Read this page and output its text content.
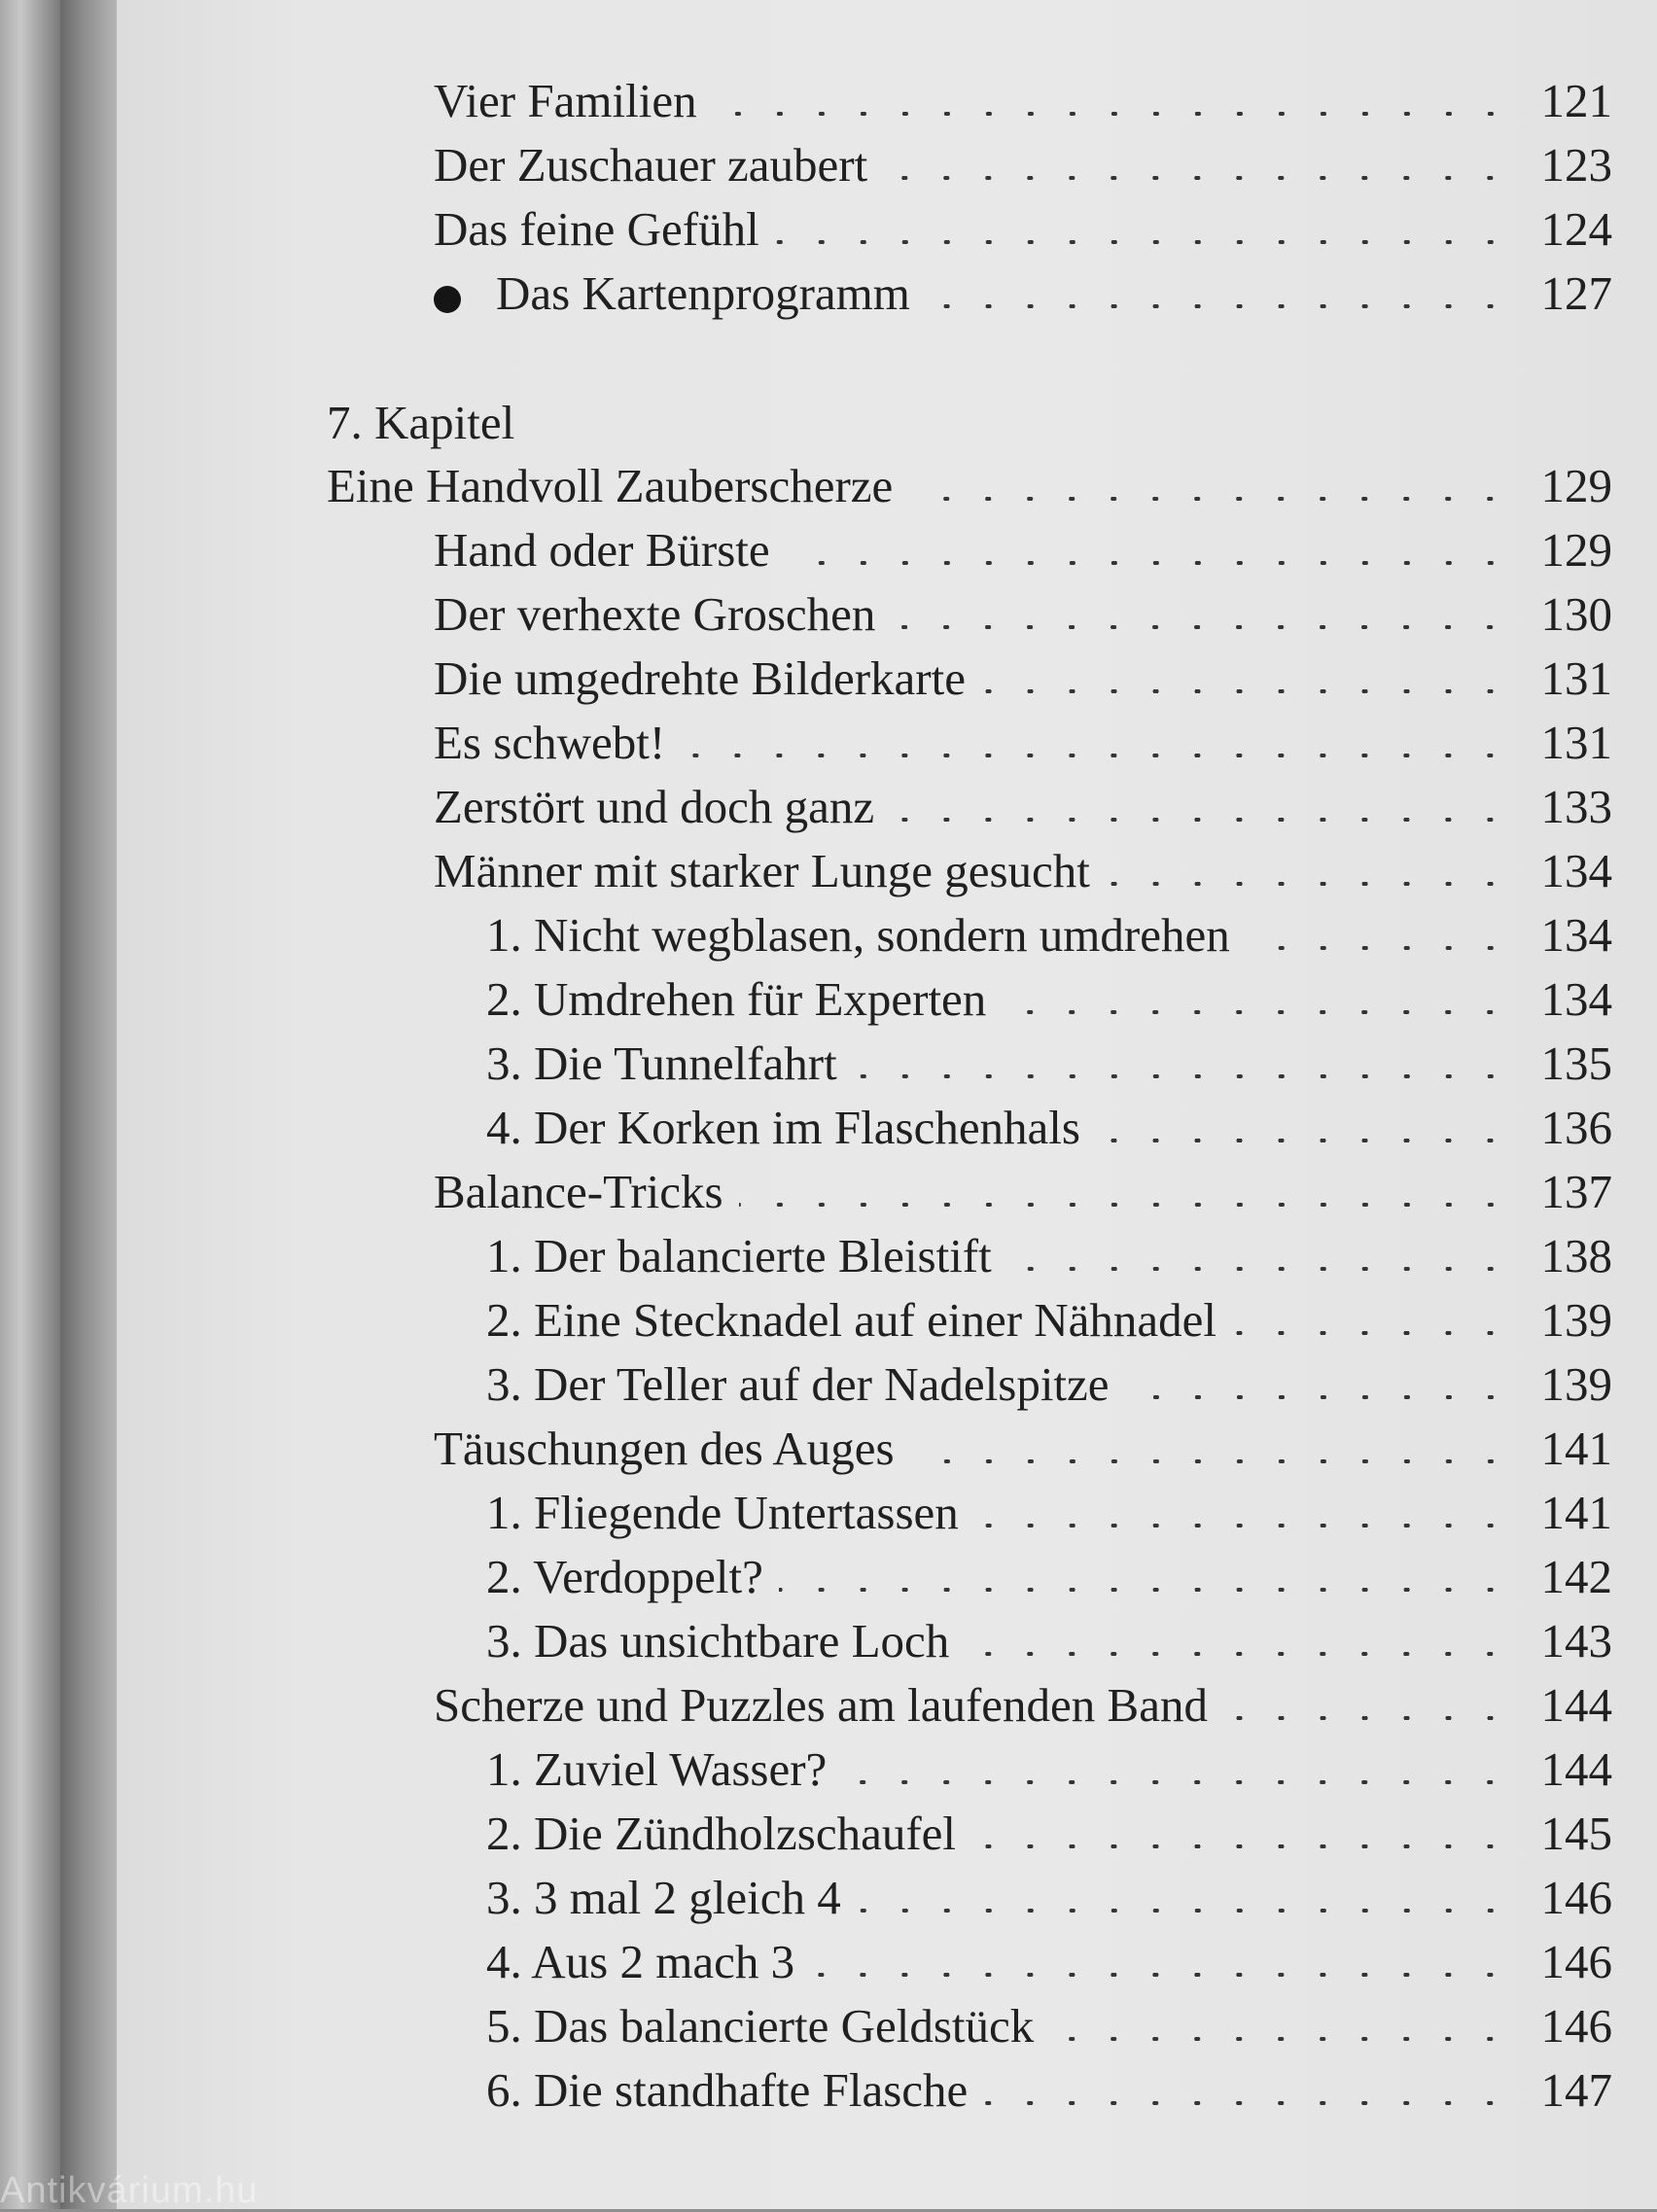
Vier Familien	121
Der Zuschauer zaubert	123
Das feine Gefühl	124
Das Kartenprogramm	127
7. Kapitel
Eine Handvoll Zauberscherze	129
Hand oder Bürste	129
Der verhexte Groschen	130
Die umgedrehte Bilderkarte	131
Es schwebt!	131
Zerstört und doch ganz	133
Männer mit starker Lunge gesucht	134
1. Nicht wegblasen, sondern umdrehen	134
2. Umdrehen für Experten	134
3. Die Tunnelfahrt	135
4. Der Korken im Flaschenhals	136
Balance-Tricks	137
1. Der balancierte Bleistift	138
2. Eine Stecknadel auf einer Nähnadel	139
3. Der Teller auf der Nadelspitze	139
Täuschungen des Auges	141
1. Fliegende Untertassen	141
2. Verdoppelt?	142
3. Das unsichtbare Loch	143
Scherze und Puzzles am laufenden Band	144
1. Zuviel Wasser?	144
2. Die Zündholzschaufel	145
3. 3 mal 2 gleich 4	146
4. Aus 2 mach 3	146
5. Das balancierte Geldstück	146
6. Die standhafte Flasche	147
Antikvárium.hu
